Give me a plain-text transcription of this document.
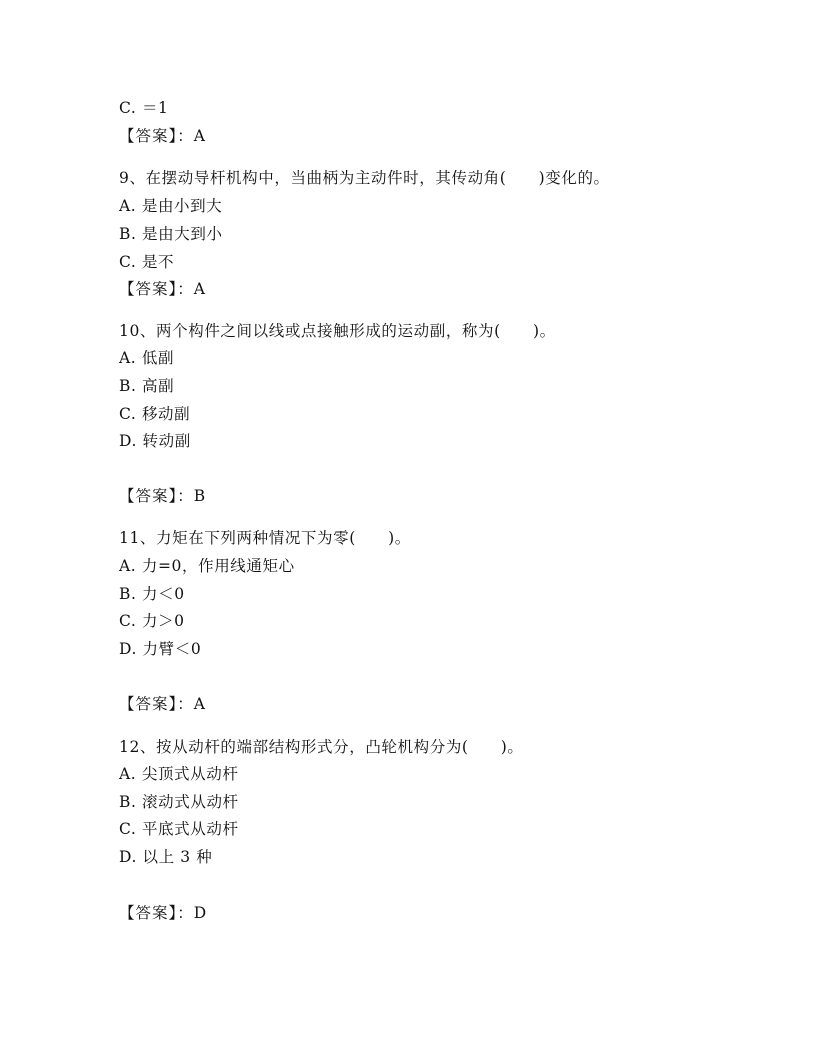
C. ＝1
【答案】：A
9、在摆动导杆机构中，当曲柄为主动件时，其传动角(　　)变化的。
A. 是由小到大
B. 是由大到小
C. 是不
【答案】：A
10、两个构件之间以线或点接触形成的运动副，称为(　　)。
A. 低副
B. 高副
C. 移动副
D. 转动副
【答案】：B
11、力矩在下列两种情况下为零(　　)。
A. 力=0，作用线通矩心
B. 力＜0
C. 力＞0
D. 力臂＜0
【答案】：A
12、按从动杆的端部结构形式分，凸轮机构分为(　　)。
A. 尖顶式从动杆
B. 滚动式从动杆
C. 平底式从动杆
D. 以上 3 种
【答案】：D
